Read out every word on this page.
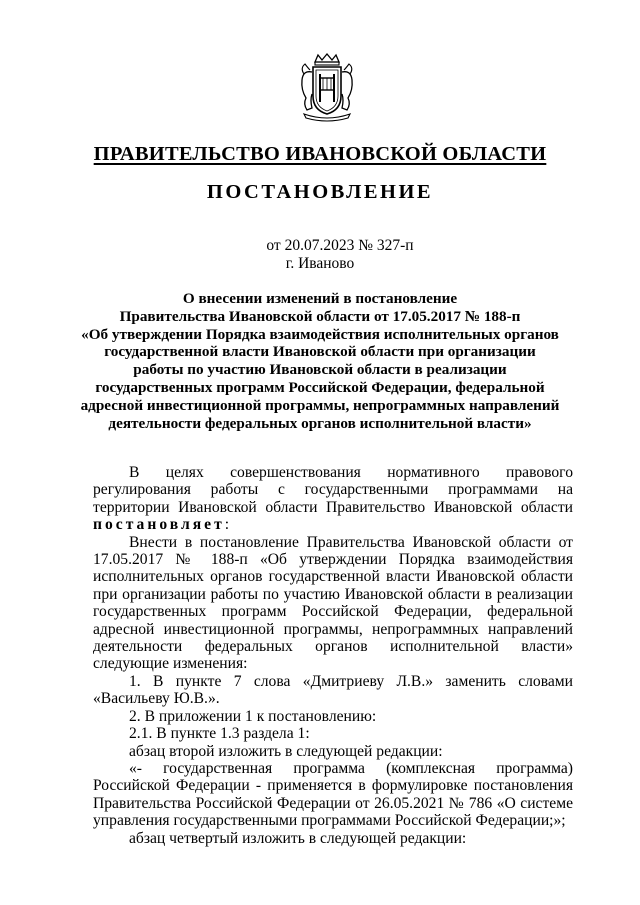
ПРАВИТЕЛЬСТВО ИВАНОВСКОЙ ОБЛАСТИ
ПОСТАНОВЛЕНИЕ
от 20.07.2023 № 327-п
г. Иваново
О внесении изменений в постановление
Правительства Ивановской области от 17.05.2017 № 188-п
«Об утверждении Порядка взаимодействия исполнительных органов
государственной власти Ивановской области при организации
работы по участию Ивановской области в реализации
государственных программ Российской Федерации, федеральной
адресной инвестиционной программы, непрограммных направлений
деятельности федеральных органов исполнительной власти»

В целях совершенствования нормативного правового регулирования работы с государственными программами на территории Ивановской области Правительство Ивановской области постановляет:

Внести в постановление Правительства Ивановской области от 17.05.2017 № 188-п «Об утверждении Порядка взаимодействия исполнительных органов государственной власти Ивановской области при организации работы по участию Ивановской области в реализации государственных программ Российской Федерации, федеральной адресной инвестиционной программы, непрограммных направлений деятельности федеральных органов исполнительной власти» следующие изменения:

1. В пункте 7 слова «Дмитриеву Л.В.» заменить словами «Васильеву Ю.В.».

2. В приложении 1 к постановлению:

2.1. В пункте 1.3 раздела 1:

абзац второй изложить в следующей редакции:

«- государственная программа (комплексная программа) Российской Федерации - применяется в формулировке постановления Правительства Российской Федерации от 26.05.2021 № 786 «О системе управления государственными программами Российской Федерации;»;

абзац четвертый изложить в следующей редакции:
